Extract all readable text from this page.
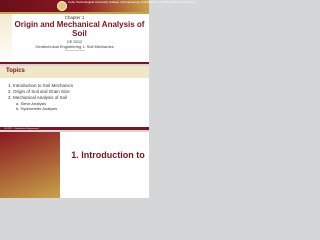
Cebu Technological University College of Engineering, Architecture, and Information Technology
Chapter 1
Origin and Mechanical Analysis of Soil
CE 3212
Geotechnical Engineering 1: Soil Mechanics
Engr. Instructor Name
Topics
1. Introduction to Soil Mechanics
2. Origin of Soil and Grain Size
3. Mechanical Analysis of Soil
a. Sieve Analysis
b. Hydrometer Analysis
CE 3212 — Geotechnical Engineering 1
1. Introduction to
